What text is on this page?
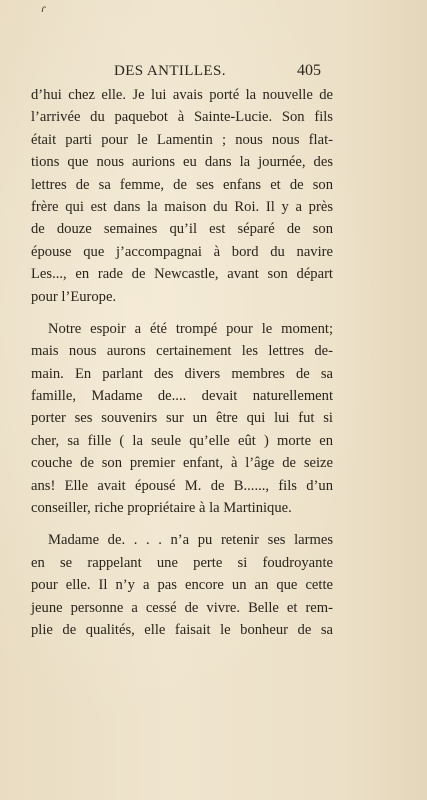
ɾ
DES ANTILLES.	405
d’hui chez elle. Je lui avais porté la nouvelle de
l’arrivée du paquebot à Sainte-Lucie. Son fils
était parti pour le Lamentin ; nous nous flat-
tions que nous aurions eu dans la journée, des
lettres de sa femme, de ses enfans et de son
frère qui est dans la maison du Roi. Il y a près
de douze semaines qu’il est séparé de son
épouse que j’accompagnai à bord du navire
Les..., en rade de Newcastle, avant son départ
pour l’Europe.
Notre espoir a été trompé pour le moment;
mais nous aurons certainement les lettres de-
main. En parlant des divers membres de sa
famille, Madame de.... devait naturellement
porter ses souvenirs sur un être qui lui fut si
cher, sa fille ( la seule qu’elle eût ) morte en
couche de son premier enfant, à l’âge de seize
ans! Elle avait épousé M. de B......, fils d’un
conseiller, riche propriétaire à la Martinique.
Madame de. . . . n’a pu retenir ses larmes
en se rappelant une perte si foudroyante
pour elle. Il n’y a pas encore un an que cette
jeune personne a cessé de vivre. Belle et rem-
plie de qualités, elle faisait le bonheur de sa
